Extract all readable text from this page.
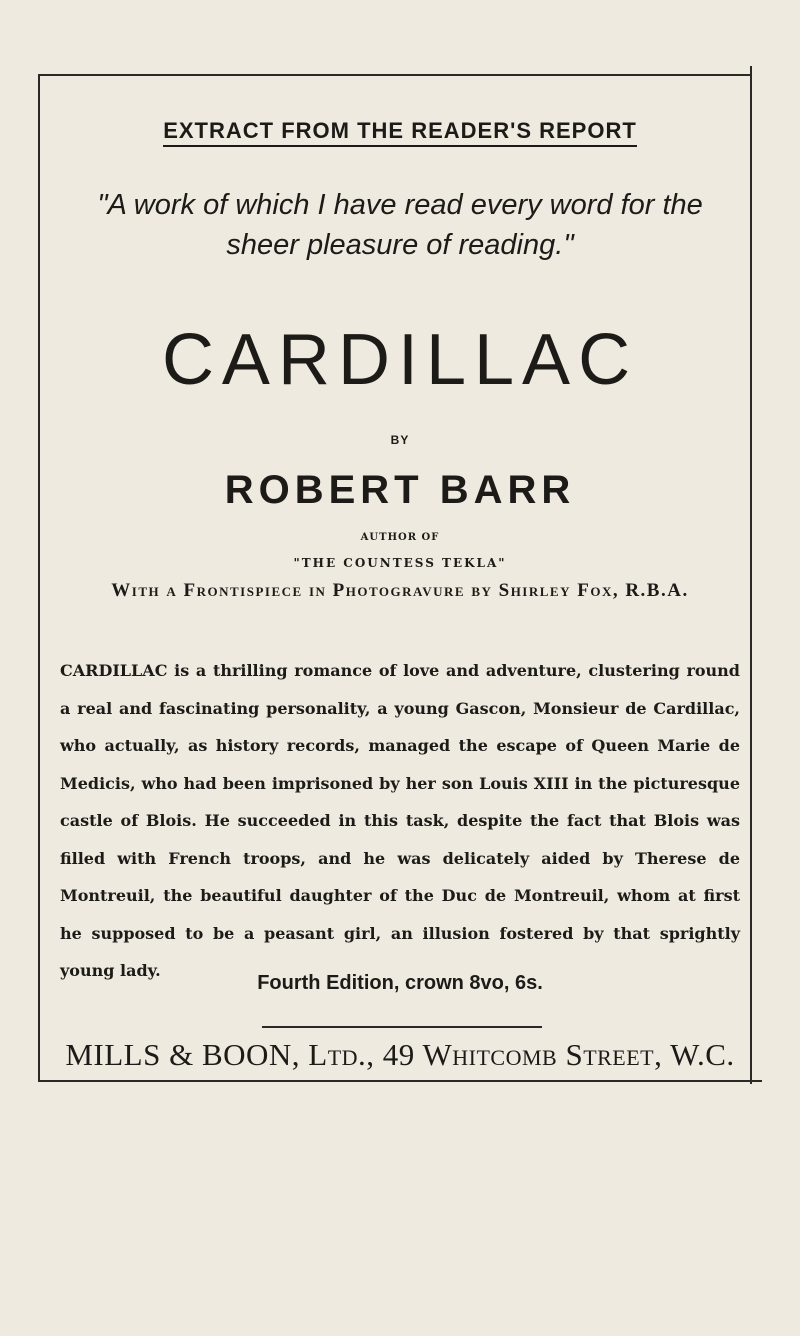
EXTRACT FROM THE READER'S REPORT
"A work of which I have read every word for the
sheer pleasure of reading."
CARDILLAC
BY
ROBERT BARR
AUTHOR OF
"THE COUNTESS TEKLA"
With a Frontispiece in Photogravure by Shirley Fox, R.B.A.
CARDILLAC is a thrilling romance of love and adventure, clustering round a real and fascinating personality, a young Gascon, Monsieur de Cardillac, who actually, as history records, managed the escape of Queen Marie de Medicis, who had been imprisoned by her son Louis XIII in the picturesque castle of Blois. He succeeded in this task, despite the fact that Blois was filled with French troops, and he was delicately aided by Therese de Montreuil, the beautiful daughter of the Duc de Montreuil, whom at first he supposed to be a peasant girl, an illusion fostered by that sprightly young lady.
Fourth Edition, crown 8vo, 6s.
MILLS & BOON, Ltd., 49 Whitcomb Street, W.C.
